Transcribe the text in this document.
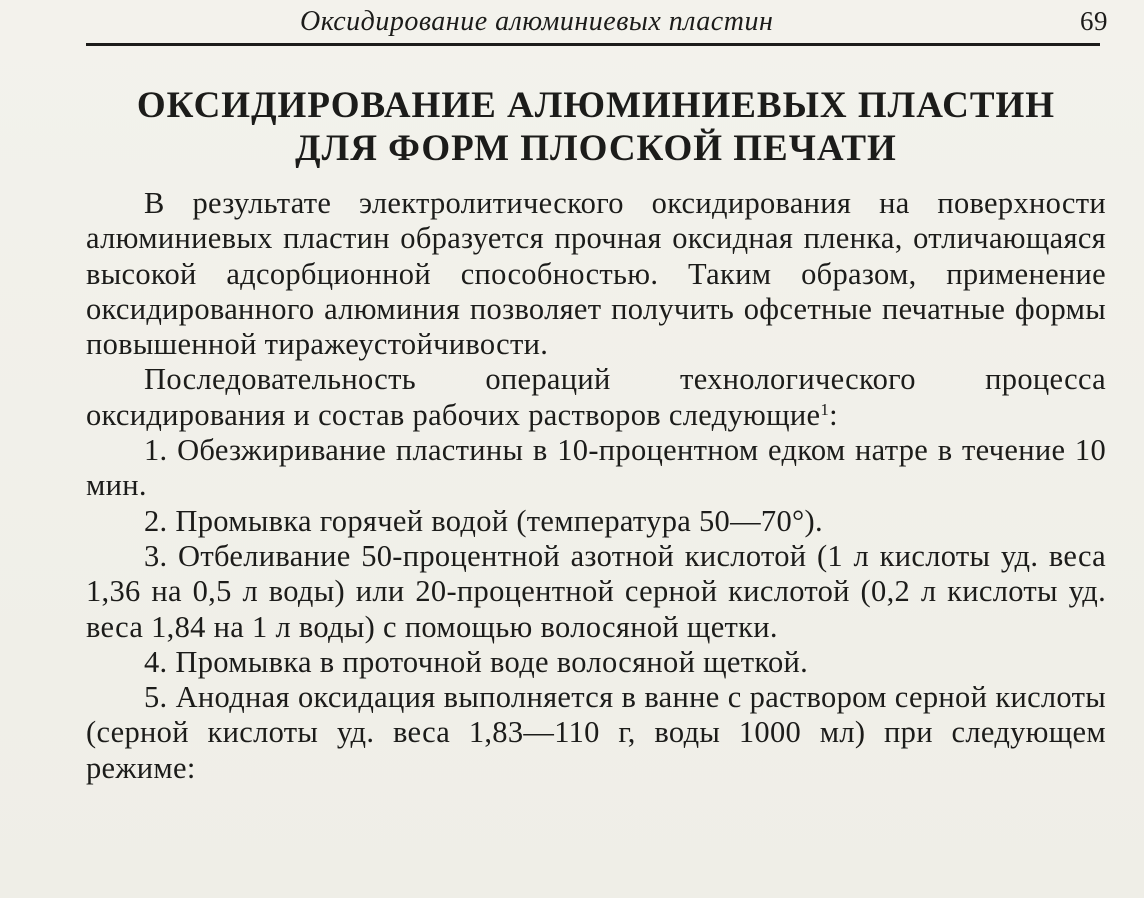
Оксидирование алюминиевых пластин	69
ОКСИДИРОВАНИЕ АЛЮМИНИЕВЫХ ПЛАСТИН
ДЛЯ ФОРМ ПЛОСКОЙ ПЕЧАТИ

В результате электролитического оксидирования на поверхности алюминиевых пластин образуется прочная оксидная пленка, отличающаяся высокой адсорбционной способностью. Таким образом, применение оксидированного алюминия позволяет получить офсетные печатные формы повышенной тиражеустойчивости.

Последовательность операций технологического процесса оксидирования и состав рабочих растворов следующие$^1$:

1. Обезжиривание пластины в 10-процентном едком натре в течение 10 мин.

2. Промывка горячей водой (температура 50—70°).

3. Отбеливание 50-процентной азотной кислотой (1 л кислоты уд. веса 1,36 на 0,5 л воды) или 20-процентной серной кислотой (0,2 л кислоты уд. веса 1,84 на 1 л воды) с помощью волосяной щетки.

4. Промывка в проточной воде волосяной щеткой.

5. Анодная оксидация выполняется в ванне с раствором серной кислоты (серной кислоты уд. веса 1,83—110 г, воды 1000 мл) при следующем режиме:
